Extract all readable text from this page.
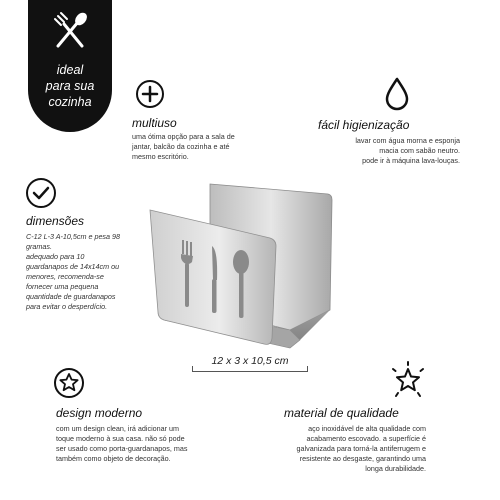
ideal
para sua
cozinha
multiuso
uma ótima opção para a sala de
jantar, balcão da cozinha e até
mesmo escritório.
fácil higienização
lavar com água morna e esponja
macia com sabão neutro.
pode ir à máquina lava-louças.
dimensões
C-12 L-3 A-10,5cm e pesa 98
gramas.
adequado para 10
guardanapos de 14x14cm ou
menores, recomenda-se
fornecer uma pequena
quantidade de guardanapos
para evitar o desperdício.
12 x 3 x 10,5 cm
design moderno
com um design clean, irá adicionar um
toque moderno à sua casa. não só pode
ser usado como porta-guardanapos, mas
também como objeto de decoração.
material de qualidade
aço inoxidável de alta qualidade com
acabamento escovado. a superfície é
galvanizada para torná-la antiferrugem e
resistente ao desgaste, garantindo uma
longa durabilidade.
